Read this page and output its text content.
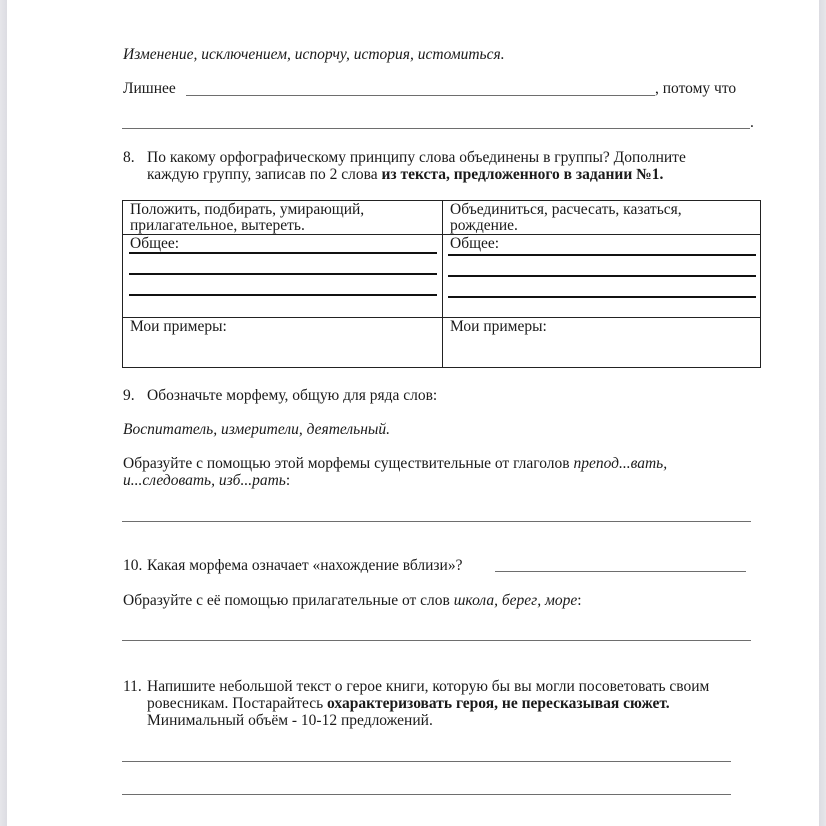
Изменение, исключением, испорчу, история, истомиться.
Лишнее	, потому что
.
8. По какому орфографическому принципу слова объединены в группы? Дополните
каждую группу, записав по 2 слова из текста, предложенного в задании №1.
Положить, подбирать, умирающий,
прилагательное, вытереть.
Общее:
Мои примеры:
Объединиться, расчесать, казаться,
рождение.
Общее:
Мои примеры:
9. Обозначьте морфему, общую для ряда слов:
Воспитатель, измерители, деятельный.
Образуйте с помощью этой морфемы существительные от глаголов препод...вать,
и...следовать, изб...рать:
10. Какая морфема означает «нахождение вблизи»?
Образуйте с её помощью прилагательные от слов школа, берег, море:
11. Напишите небольшой текст о герое книги, которую бы вы могли посоветовать своим
ровесникам. Постарайтесь охарактеризовать героя, не пересказывая сюжет.
Минимальный объём - 10-12 предложений.
